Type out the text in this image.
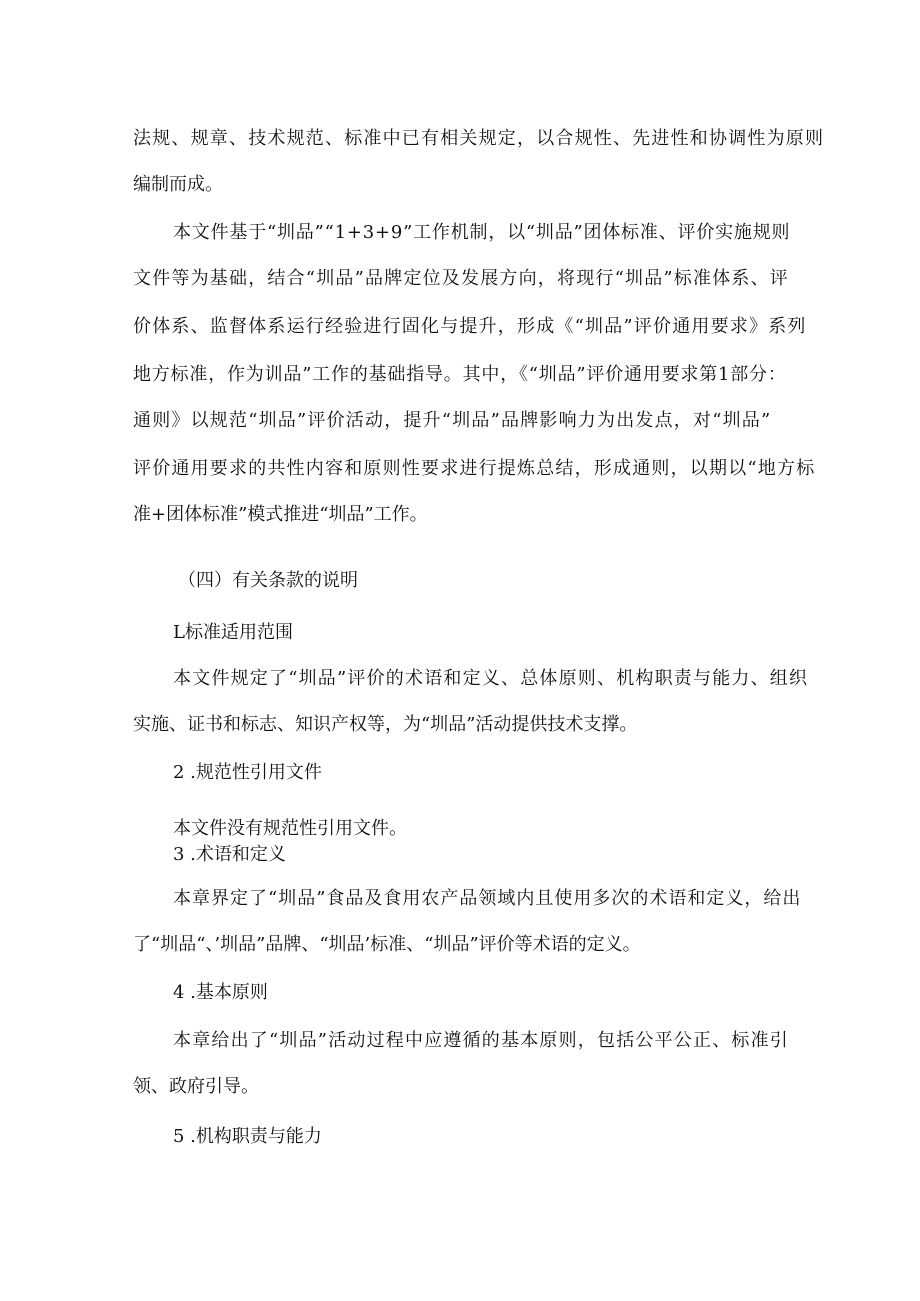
法规、规章、技术规范、标准中已有相关规定，以合规性、先进性和协调性为原则
编制而成。
本文件基于“圳品”“1+3+9”工作机制，以“圳品”团体标准、评价实施规则
文件等为基础，结合“圳品”品牌定位及发展方向，将现行“圳品”标准体系、评
价体系、监督体系运行经验进行固化与提升，形成《“圳品”评价通用要求》系列
地方标准，作为训品”工作的基础指导。其中，《“圳品”评价通用要求第1部分：
通则》以规范“圳品”评价活动，提升“圳品”品牌影响力为出发点，对“圳品”
评价通用要求的共性内容和原则性要求进行提炼总结，形成通则，以期以“地方标
准+团体标准”模式推进“圳品”工作。
（四）有关条款的说明
L标准适用范围
本文件规定了“圳品”评价的术语和定义、总体原则、机构职责与能力、组织
实施、证书和标志、知识产权等，为“圳品”活动提供技术支撑。
2 .规范性引用文件
本文件没有规范性引用文件。
3 .术语和定义
本章界定了“圳品”食品及食用农产品领域内且使用多次的术语和定义，给出
了“圳品“、’圳品”品牌、“圳品’标准、“圳品”评价等术语的定义。
4 .基本原则
本章给出了“圳品”活动过程中应遵循的基本原则，包括公平公正、标准引
领、政府引导。
5 .机构职责与能力
